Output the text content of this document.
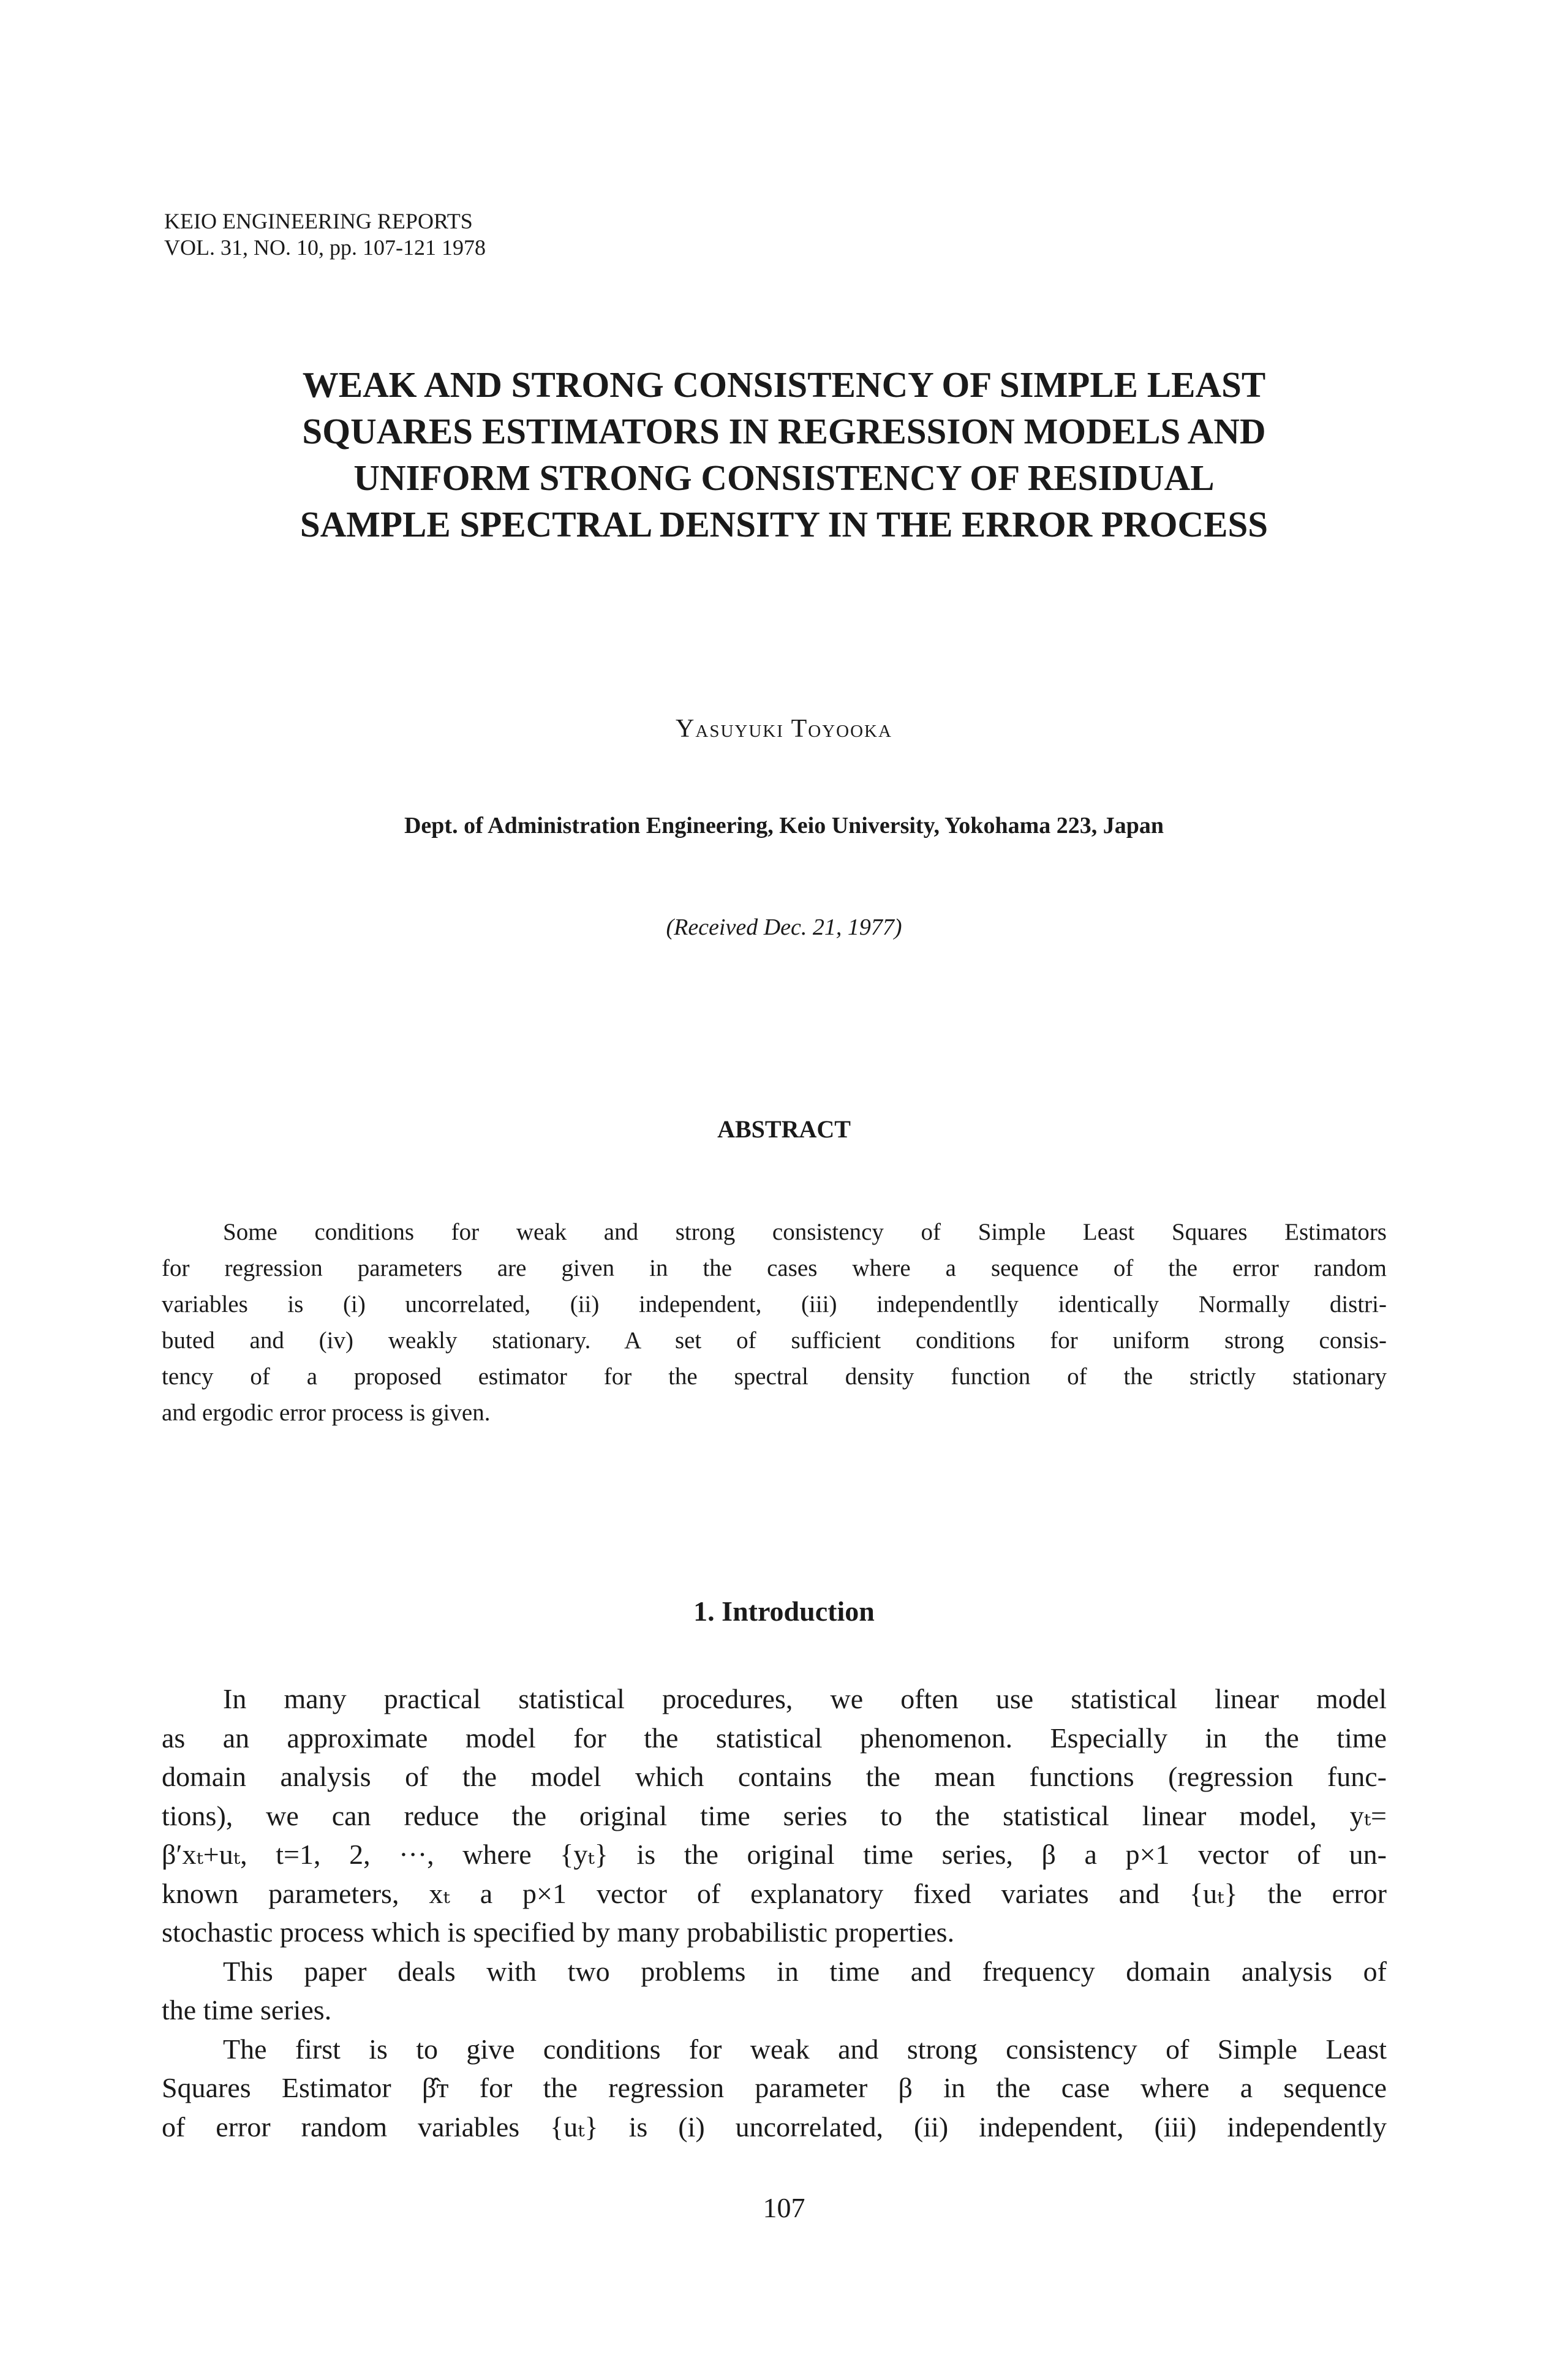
KEIO ENGINEERING REPORTS
VOL. 31, NO. 10, pp. 107-121 1978
WEAK AND STRONG CONSISTENCY OF SIMPLE LEAST
SQUARES ESTIMATORS IN REGRESSION MODELS AND
UNIFORM STRONG CONSISTENCY OF RESIDUAL
SAMPLE SPECTRAL DENSITY IN THE ERROR PROCESS
Yasuyuki Toyooka
Dept. of Administration Engineering, Keio University, Yokohama 223, Japan
(Received Dec. 21, 1977)
ABSTRACT
Some conditions for weak and strong consistency of Simple Least Squares Estimators
for regression parameters are given in the cases where a sequence of the error random
variables is (i) uncorrelated, (ii) independent, (iii) independentlly identically Normally distri-
buted and (iv) weakly stationary. A set of sufficient conditions for uniform strong consis-
tency of a proposed estimator for the spectral density function of the strictly stationary
and ergodic error process is given.
1. Introduction
In many practical statistical procedures, we often use statistical linear model
as an approximate model for the statistical phenomenon. Especially in the time
domain analysis of the model which contains the mean functions (regression func-
tions), we can reduce the original time series to the statistical linear model, yₜ=
β′xₜ+uₜ, t=1, 2, ···, where {yₜ} is the original time series, β a p×1 vector of un-
known parameters, xₜ a p×1 vector of explanatory fixed variates and {uₜ} the error
stochastic process which is specified by many probabilistic properties.
This paper deals with two problems in time and frequency domain analysis of
the time series.
The first is to give conditions for weak and strong consistency of Simple Least
Squares Estimator β̂ᴛ for the regression parameter β in the case where a sequence
of error random variables {uₜ} is (i) uncorrelated, (ii) independent, (iii) independently
107
